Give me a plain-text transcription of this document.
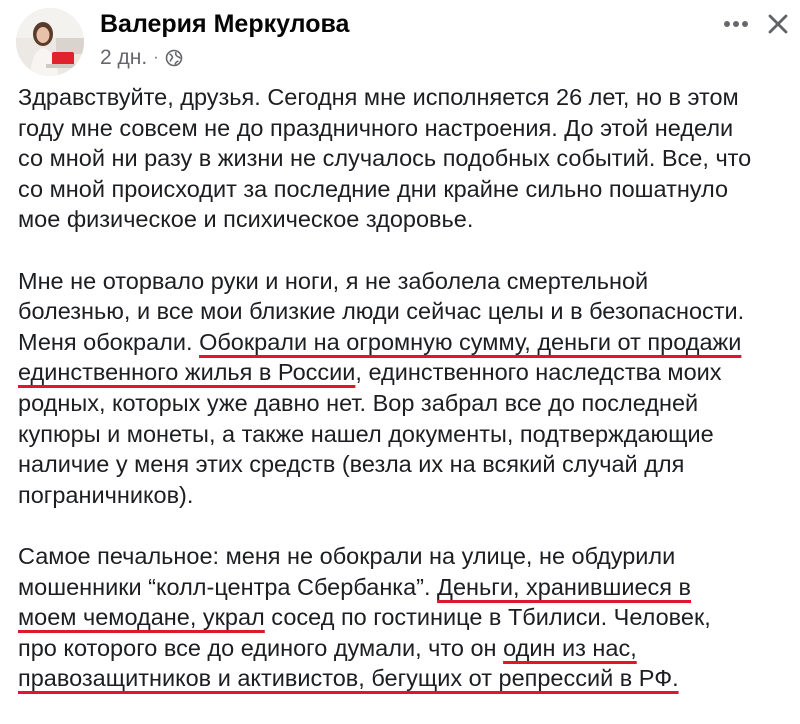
Валерия Меркулова
2 дн. ·
Здравствуйте, друзья. Сегодня мне исполняется 26 лет, но в этом
году мне совсем не до праздничного настроения. До этой недели
со мной ни разу в жизни не случалось подобных событий. Все, что
со мной происходит за последние дни крайне сильно пошатнуло
мое физическое и психическое здоровье.
Мне не оторвало руки и ноги, я не заболела смертельной
болезнью, и все мои близкие люди сейчас целы и в безопасности.
Меня обокрали. Обокрали на огромную сумму, деньги от продажи
единственного жилья в России, единственного наследства моих
родных, которых уже давно нет. Вор забрал все до последней
купюры и монеты, а также нашел документы, подтверждающие
наличие у меня этих средств (везла их на всякий случай для
пограничников).
Самое печальное: меня не обокрали на улице, не обдурили
мошенники “колл-центра Сбербанка”. Деньги, хранившиеся в
моем чемодане, украл сосед по гостинице в Тбилиси. Человек,
про которого все до единого думали, что он один из нас,
правозащитников и активистов, бегущих от репрессий в РФ.
